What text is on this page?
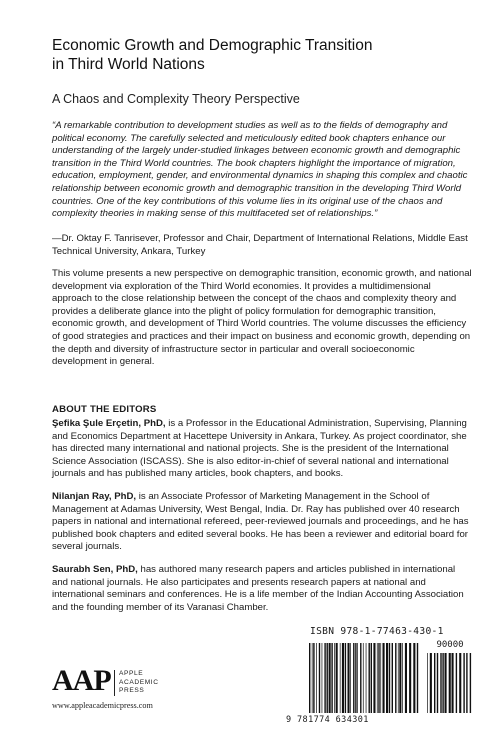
Economic Growth and Demographic Transition
in Third World Nations
A Chaos and Complexity Theory Perspective
“A remarkable contribution to development studies as well as to the fields of demography and political economy. The carefully selected and meticulously edited book chapters enhance our understanding of the largely under-studied linkages between economic growth and demographic transition in the Third World countries. The book chapters highlight the importance of migration, education, employment, gender, and environmental dynamics in shaping this complex and chaotic relationship between economic growth and demographic transition in the developing Third World countries. One of the key contributions of this volume lies in its original use of the chaos and complexity theories in making sense of this multifaceted set of relationships.”
—Dr. Oktay F. Tanrisever, Professor and Chair, Department of International Relations, Middle East Technical University, Ankara, Turkey
This volume presents a new perspective on demographic transition, economic growth, and national development via exploration of the Third World economies. It provides a multidimensional approach to the close relationship between the concept of the chaos and complexity theory and provides a deliberate glance into the plight of policy formulation for demographic transition, economic growth, and development of Third World countries. The volume discusses the efficiency of good strategies and practices and their impact on business and economic growth, depending on the depth and diversity of infrastructure sector in particular and overall socioeconomic development in general.
ABOUT THE EDITORS
Şefika Şule Erçetin, PhD, is a Professor in the Educational Administration, Supervising, Planning and Economics Department at Hacettepe University in Ankara, Turkey. As project coordinator, she has directed many international and national projects. She is the president of the International Science Association (ISCASS). She is also editor-in-chief of several national and international journals and has published many articles, book chapters, and books.
Nilanjan Ray, PhD, is an Associate Professor of Marketing Management in the School of Management at Adamas University, West Bengal, India. Dr. Ray has published over 40 research papers in national and international refereed, peer-reviewed journals and proceedings, and he has published book chapters and edited several books. He has been a reviewer and editorial board for several journals.
Saurabh Sen, PhD, has authored many research papers and articles published in international and national journals. He also participates and presents research papers at national and international seminars and conferences. He is a life member of the Indian Accounting Association and the founding member of its Varanasi Chamber.
AAP APPLE
ACADEMIC
PRESS
www.appleacademicpress.com
ISBN 978-1-77463-430-1
90000
9 781774 634301
